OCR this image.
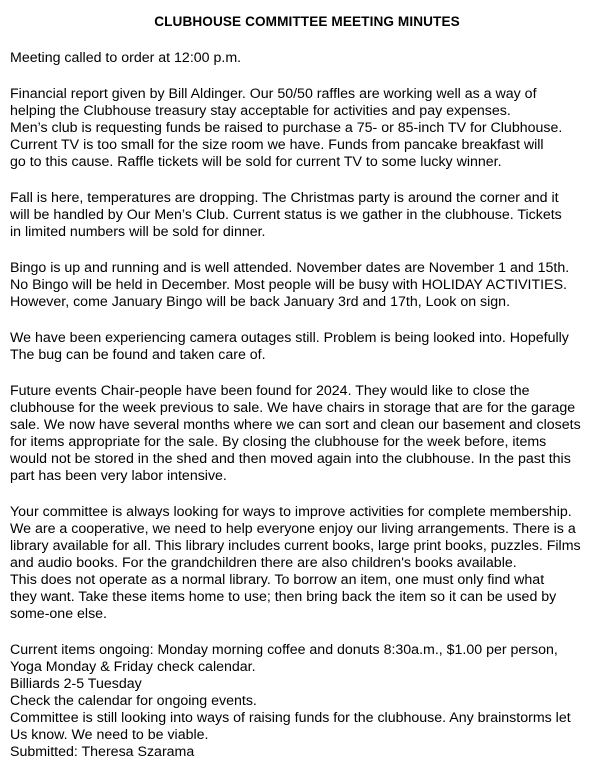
CLUBHOUSE COMMITTEE MEETING MINUTES
Meeting called to order at 12:00 p.m.
Financial report given by Bill Aldinger. Our 50/50 raffles are working well as a way of
helping the Clubhouse treasury stay acceptable for activities and pay expenses.
Men’s club is requesting funds be raised to purchase a 75- or 85-inch TV for Clubhouse.
Current TV is too small for the size room we have. Funds from pancake breakfast will
go to this cause. Raffle tickets will be sold for current TV to some lucky winner.
Fall is here, temperatures are dropping. The Christmas party is around the corner and it
will be handled by Our Men’s Club. Current status is we gather in the clubhouse. Tickets
in limited numbers will be sold for dinner.
Bingo is up and running and is well attended. November dates are November 1 and 15th.
No Bingo will be held in December. Most people will be busy with HOLIDAY ACTIVITIES.
However, come January Bingo will be back January 3rd and 17th, Look on sign.
We have been experiencing camera outages still. Problem is being looked into. Hopefully
The bug can be found and taken care of.
Future events Chair-people have been found for 2024. They would like to close the
clubhouse for the week previous to sale. We have chairs in storage that are for the garage
sale. We now have several months where we can sort and clean our basement and closets
for items appropriate for the sale. By closing the clubhouse for the week before, items
would not be stored in the shed and then moved again into the clubhouse. In the past this
part has been very labor intensive.
Your committee is always looking for ways to improve activities for complete membership.
We are a cooperative, we need to help everyone enjoy our living arrangements. There is a
library available for all. This library includes current books, large print books, puzzles. Films
and audio books. For the grandchildren there are also children's books available.
This does not operate as a normal library. To borrow an item, one must only find what
they want. Take these items home to use; then bring back the item so it can be used by
some-one else.
Current items ongoing: Monday morning coffee and donuts 8:30a.m., $1.00 per person,
Yoga Monday & Friday check calendar.
Billiards 2-5 Tuesday
Check the calendar for ongoing events.
Committee is still looking into ways of raising funds for the clubhouse. Any brainstorms let
Us know. We need to be viable.
Submitted: Theresa Szarama
